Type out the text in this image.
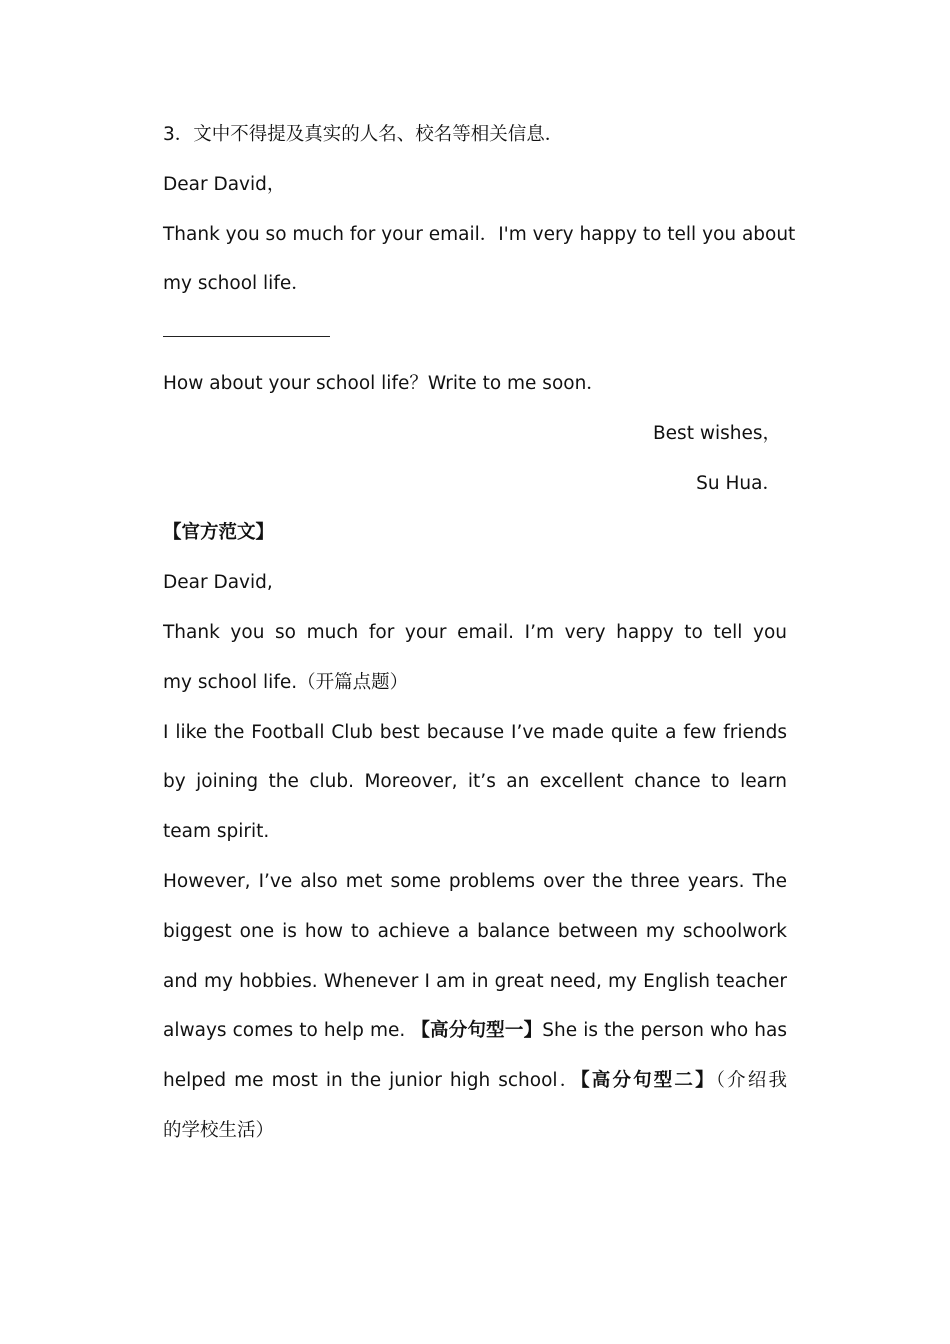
3．文中不得提及真实的人名、校名等相关信息．
Dear David，
Thank you so much for your email．I'm very happy to tell you about
my school life．
How about your school life？Write to me soon．
Best wishes，
Su Hua．
【官方范文】
Dear David,
Thank you so much for your email. I’m very happy to tell you
my school life.（开篇点题）
I like the Football Club best because I’ve made quite a few friends
by joining the club. Moreover, it’s an excellent chance to learn
team spirit.
However, I’ve also met some problems over the three years. The
biggest one is how to achieve a balance between my schoolwork
and my hobbies. Whenever I am in great need, my English teacher
always comes to help me. 【高分句型一】She is the person who has
helped me most in the junior high school．【高分句型二】（介绍我
的学校生活）
